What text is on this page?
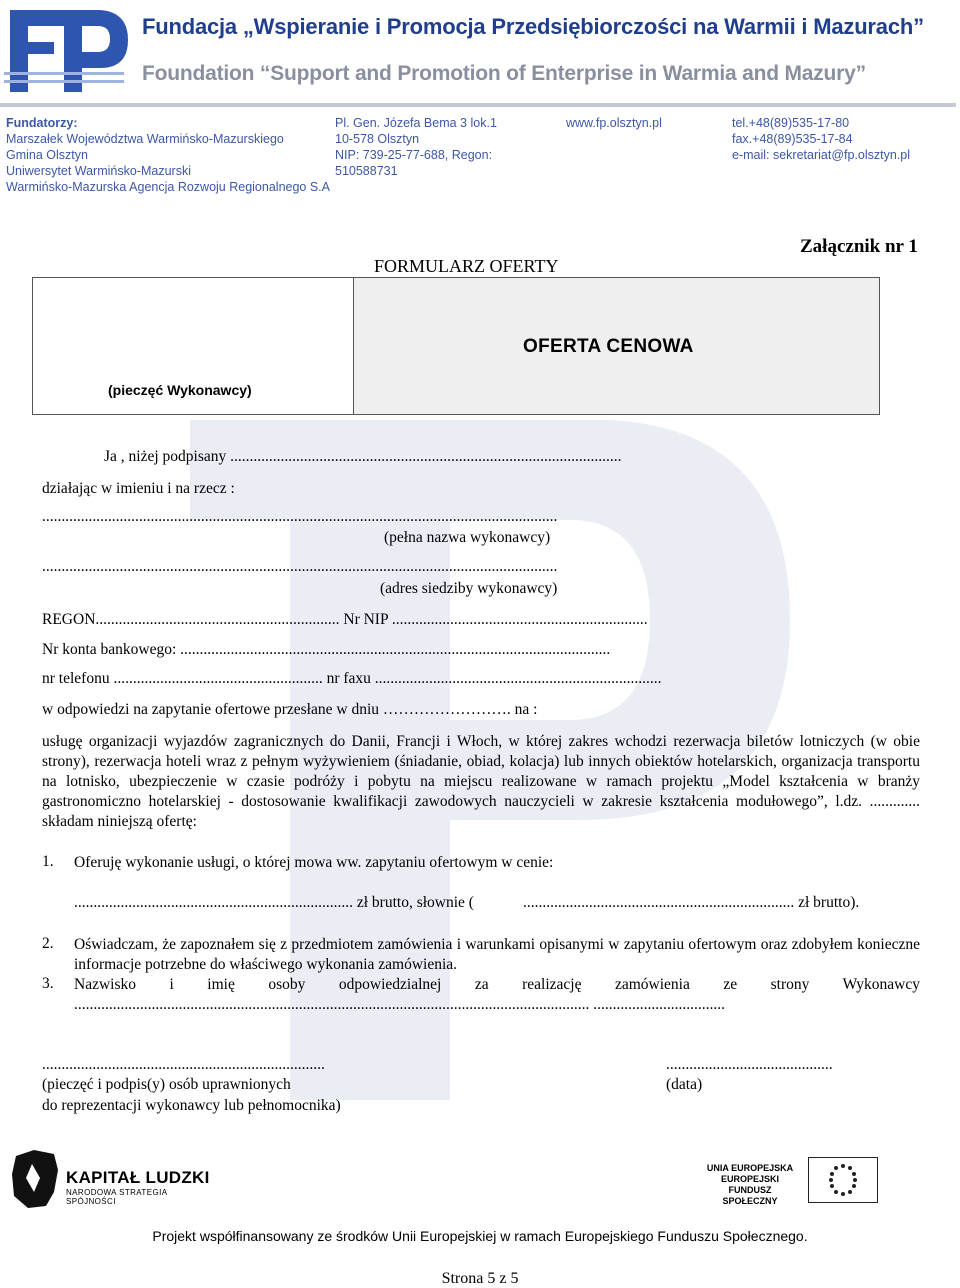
Fundacja „Wspieranie i Promocja Przedsiębiorczości na Warmii i Mazurach”
Foundation “Support and Promotion of Enterprise in Warmia and Mazury”
Fundatorzy:
Marszałek Województwa Warmińsko-Mazurskiego
Gmina Olsztyn
Uniwersytet Warmińsko-Mazurski
Warmińsko-Mazurska Agencja Rozwoju Regionalnego S.A
Pl. Gen. Józefa Bema 3 lok.1
10-578 Olsztyn
NIP: 739-25-77-688, Regon:
510588731
www.fp.olsztyn.pl	tel.+48(89)535-17-80
fax.+48(89)535-17-84
e-mail: sekretariat@fp.olsztyn.pl
FORMULARZ OFERTY
Załącznik nr 1
(pieczęć Wykonawcy)
OFERTA CENOWA
Ja , niżej podpisany .....................................................................................................
działając w imieniu i na rzecz :
.....................................................................................................................................
(pełna nazwa wykonawcy)
.....................................................................................................................................
(adres siedziby wykonawcy)
REGON............................................................... Nr NIP ..................................................................
Nr konta bankowego: ...............................................................................................................
nr telefonu ...................................................... nr faxu ..........................................................................
w odpowiedzi na zapytanie ofertowe przesłane w dniu ……………………. na :
usługę organizacji wyjazdów zagranicznych do Danii, Francji i Włoch, w której zakres wchodzi rezerwacja biletów lotniczych (w obie strony), rezerwacja hoteli wraz z pełnym wyżywieniem (śniadanie, obiad, kolacja) lub innych obiektów hotelarskich, organizacja transportu na lotnisko, ubezpieczenie w czasie podróży i pobytu na miejscu realizowane w ramach projektu „Model kształcenia w branży gastronomiczno hotelarskiej - dostosowanie kwalifikacji zawodowych nauczycieli w zakresie kształcenia modułowego”, l.dz. ............. składam niniejszą ofertę:
1. Oferuję wykonanie usługi, o której mowa ww. zapytaniu ofertowym w cenie:
........................................................................ zł brutto, słownie (	...................................................................... zł brutto).
2. Oświadczam, że zapoznałem się z przedmiotem zamówienia i warunkami opisanymi w zapytaniu ofertowym oraz zdobyłem konieczne informacje potrzebne do właściwego wykonania zamówienia.
3. Nazwisko i imię osoby odpowiedzialnej za realizację zamówienia ze strony Wykonawcy
..................................................................................................................................... ..................................
.........................................................................
(pieczęć i podpis(y) osób uprawnionych
do reprezentacji wykonawcy lub pełnomocnika)
...........................................
(data)
KAPITAŁ LUDZKI
NARODOWA STRATEGIA SPÓJNOŚCI
UNIA EUROPEJSKA
EUROPEJSKI
FUNDUSZ SPOŁECZNY
Projekt współfinansowany ze środków Unii Europejskiej w ramach Europejskiego Funduszu Społecznego.
Strona 5 z 5
